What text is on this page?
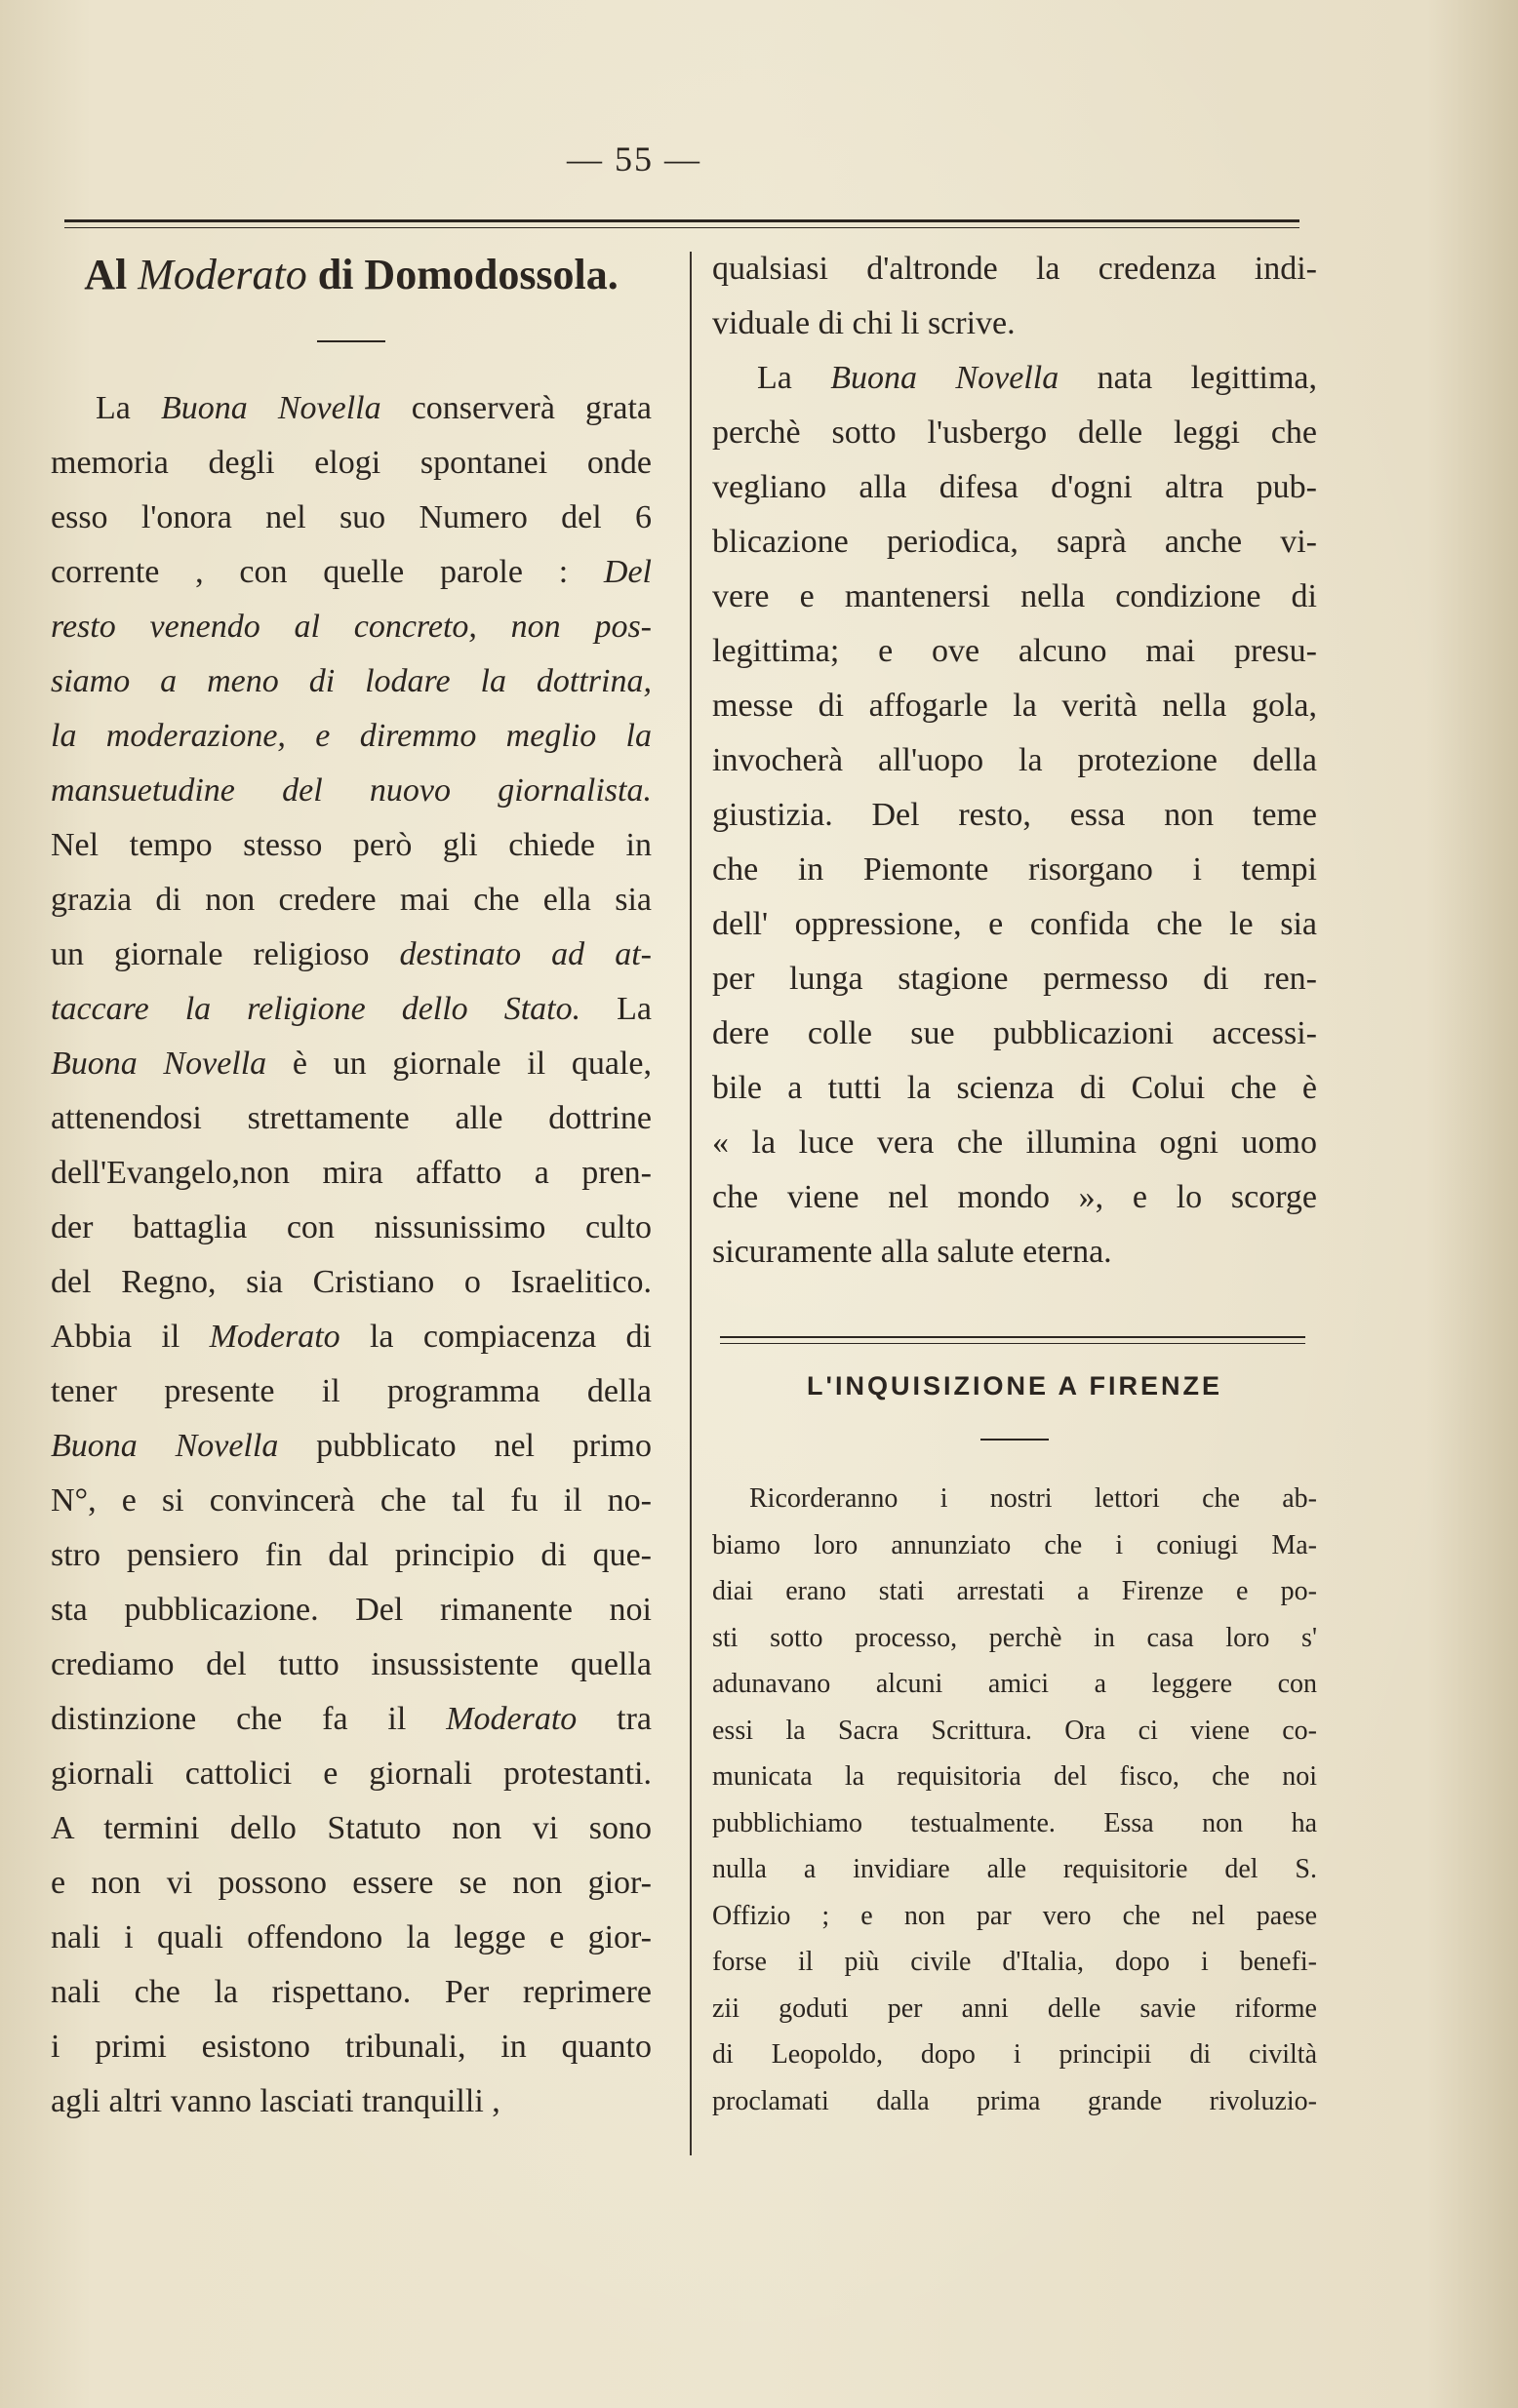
— 55 —
Al Moderato di Domodossola.
La Buona Novella conserverà grata
memoria degli elogi spontanei onde
esso l'onora nel suo Numero del 6
corrente , con quelle parole : Del
resto venendo al concreto, non pos-
siamo a meno di lodare la dottrina,
la moderazione, e diremmo meglio la
mansuetudine del nuovo giornalista.
Nel tempo stesso però gli chiede in
grazia di non credere mai che ella sia
un giornale religioso destinato ad at-
taccare la religione dello Stato. La
Buona Novella è un giornale il quale,
attenendosi strettamente alle dottrine
dell'Evangelo,non mira affatto a pren-
der battaglia con nissunissimo culto
del Regno, sia Cristiano o Israelitico.
Abbia il Moderato la compiacenza di
tener presente il programma della
Buona Novella pubblicato nel primo
N°, e si convincerà che tal fu il no-
stro pensiero fin dal principio di que-
sta pubblicazione. Del rimanente noi
crediamo del tutto insussistente quella
distinzione che fa il Moderato tra
giornali cattolici e giornali protestanti.
A termini dello Statuto non vi sono
e non vi possono essere se non gior-
nali i quali offendono la legge e gior-
nali che la rispettano. Per reprimere
i primi esistono tribunali, in quanto
agli altri vanno lasciati tranquilli ,
qualsiasi d'altronde la credenza indi-
viduale di chi li scrive.
La Buona Novella nata legittima,
perchè sotto l'usbergo delle leggi che
vegliano alla difesa d'ogni altra pub-
blicazione periodica, saprà anche vi-
vere e mantenersi nella condizione di
legittima; e ove alcuno mai presu-
messe di affogarle la verità nella gola,
invocherà all'uopo la protezione della
giustizia. Del resto, essa non teme
che in Piemonte risorgano i tempi
dell' oppressione, e confida che le sia
per lunga stagione permesso di ren-
dere colle sue pubblicazioni accessi-
bile a tutti la scienza di Colui che è
« la luce vera che illumina ogni uomo
che viene nel mondo », e lo scorge
sicuramente alla salute eterna.
L'INQUISIZIONE A FIRENZE
Ricorderanno i nostri lettori che ab-
biamo loro annunziato che i coniugi Ma-
diai erano stati arrestati a Firenze e po-
sti sotto processo, perchè in casa loro s'
adunavano alcuni amici a leggere con
essi la Sacra Scrittura. Ora ci viene co-
municata la requisitoria del fisco, che noi
pubblichiamo testualmente. Essa non ha
nulla a invidiare alle requisitorie del S.
Offizio ; e non par vero che nel paese
forse il più civile d'Italia, dopo i benefi-
zii goduti per anni delle savie riforme
di Leopoldo, dopo i principii di civiltà
proclamati dalla prima grande rivoluzio-
